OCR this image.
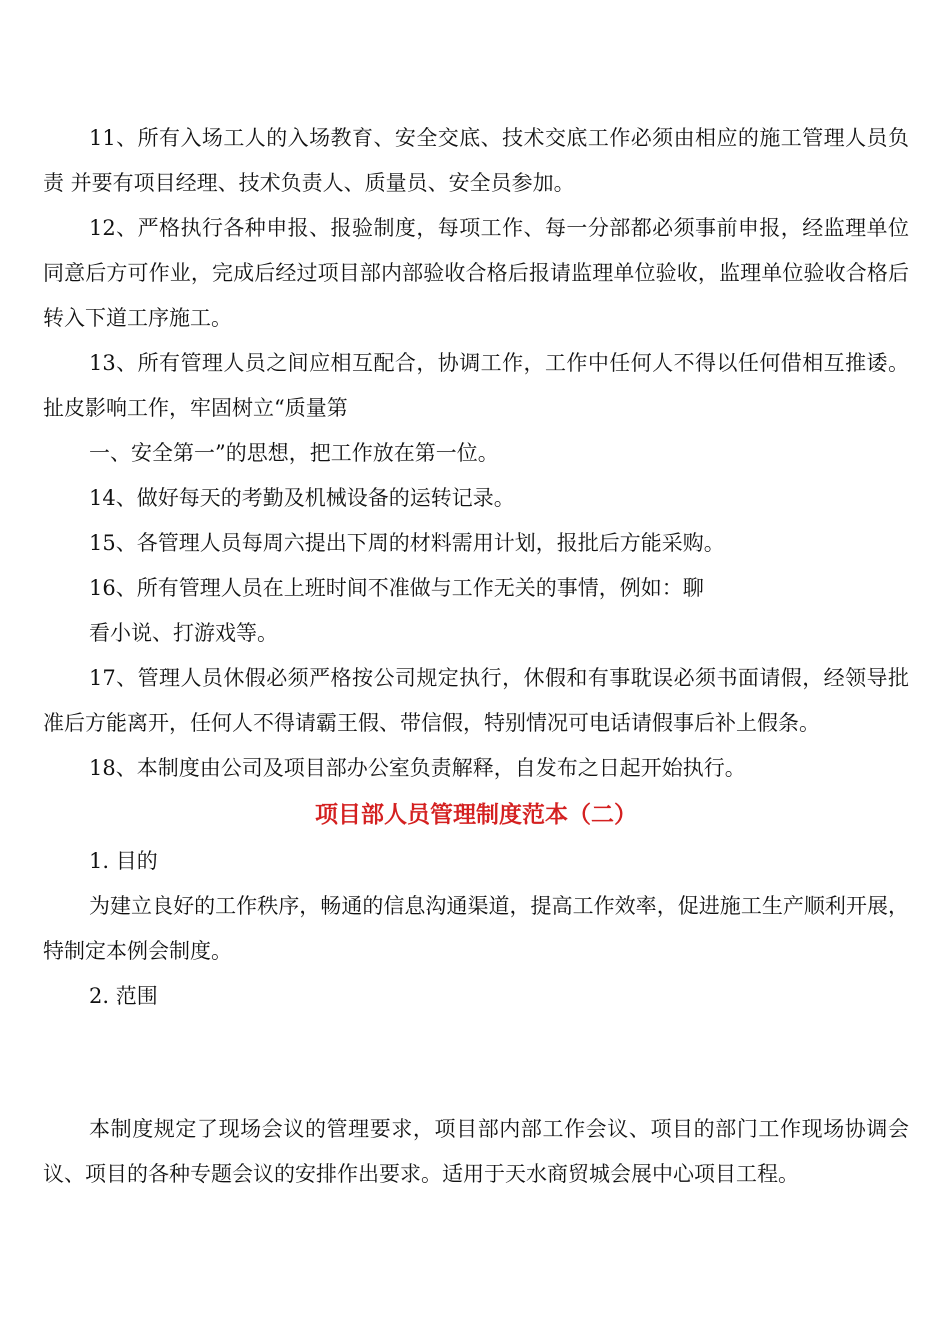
11、所有入场工人的入场教育、安全交底、技术交底工作必须由相应的施工管理人员负责 并要有项目经理、技术负责人、质量员、安全员参加。

12、严格执行各种申报、报验制度，每项工作、每一分部都必须事前申报，经监理单位同意后方可作业，完成后经过项目部内部验收合格后报请监理单位验收，监理单位验收合格后转入下道工序施工。

13、所有管理人员之间应相互配合，协调工作，工作中任何人不得以任何借相互推诿。扯皮影响工作，牢固树立“质量第

一、安全第一”的思想，把工作放在第一位。

14、做好每天的考勤及机械设备的运转记录。

15、各管理人员每周六提出下周的材料需用计划，报批后方能采购。

16、所有管理人员在上班时间不准做与工作无关的事情，例如：聊

看小说、打游戏等。

17、管理人员休假必须严格按公司规定执行，休假和有事耽误必须书面请假，经领导批准后方能离开，任何人不得请霸王假、带信假，特别情况可电话请假事后补上假条。

18、本制度由公司及项目部办公室负责解释，自发布之日起开始执行。

项目部人员管理制度范本（二）

1. 目的

为建立良好的工作秩序，畅通的信息沟通渠道，提高工作效率，促进施工生产顺利开展，特制定本例会制度。

2. 范围

本制度规定了现场会议的管理要求，项目部内部工作会议、项目的部门工作现场协调会议、项目的各种专题会议的安排作出要求。适用于天水商贸城会展中心项目工程。
